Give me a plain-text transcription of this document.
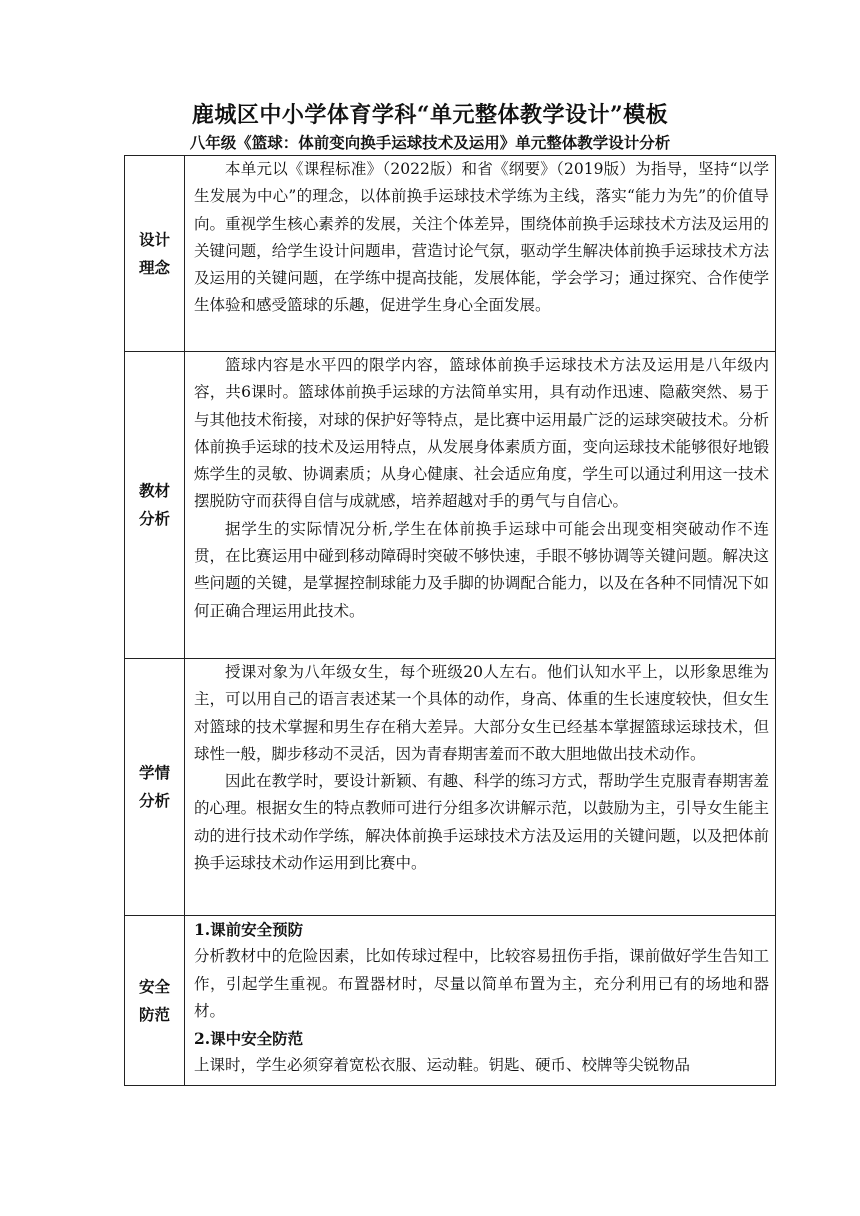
鹿城区中小学体育学科“单元整体教学设计”模板
八年级《篮球：体前变向换手运球技术及运用》单元整体教学设计分析
设计理念	本单元以《课程标准》（2022版）和省《纲要》（2019版）为指导，坚持“以学生发展为中心”的理念，以体前换手运球技术学练为主线，落实“能力为先”的价值导向。重视学生核心素养的发展，关注个体差异，围绕体前换手运球技术方法及运用的关键问题，给学生设计问题串，营造讨论气氛，驱动学生解决体前换手运球技术方法及运用的关键问题，在学练中提高技能，发展体能，学会学习；通过探究、合作使学生体验和感受篮球的乐趣，促进学生身心全面发展。

教材分析	篮球内容是水平四的限学内容，篮球体前换手运球技术方法及运用是八年级内容，共6课时。篮球体前换手运球的方法简单实用，具有动作迅速、隐蔽突然、易于与其他技术衔接，对球的保护好等特点，是比赛中运用最广泛的运球突破技术。分析体前换手运球的技术及运用特点，从发展身体素质方面，变向运球技术能够很好地锻炼学生的灵敏、协调素质；从身心健康、社会适应角度，学生可以通过利用这一技术摆脱防守而获得自信与成就感，培养超越对手的勇气与自信心。

据学生的实际情况分析,学生在体前换手运球中可能会出现变相突破动作不连贯，在比赛运用中碰到移动障碍时突破不够快速，手眼不够协调等关键问题。解决这些问题的关键，是掌握控制球能力及手脚的协调配合能力，以及在各种不同情况下如何正确合理运用此技术。

学情分析	授课对象为八年级女生，每个班级20人左右。他们认知水平上，以形象思维为主，可以用自己的语言表述某一个具体的动作，身高、体重的生长速度较快，但女生对篮球的技术掌握和男生存在稍大差异。大部分女生已经基本掌握篮球运球技术，但球性一般，脚步移动不灵活，因为青春期害羞而不敢大胆地做出技术动作。

因此在教学时，要设计新颖、有趣、科学的练习方式，帮助学生克服青春期害羞的心理。根据女生的特点教师可进行分组多次讲解示范，以鼓励为主，引导女生能主动的进行技术动作学练，解决体前换手运球技术方法及运用的关键问题，以及把体前换手运球技术动作运用到比赛中。

安全防范	1.课前安全预防

分析教材中的危险因素，比如传球过程中，比较容易扭伤手指，课前做好学生告知工作，引起学生重视。布置器材时，尽量以简单布置为主，充分利用已有的场地和器材。

2.课中安全防范

上课时，学生必须穿着宽松衣服、运动鞋。钥匙、硬币、校牌等尖锐物品
